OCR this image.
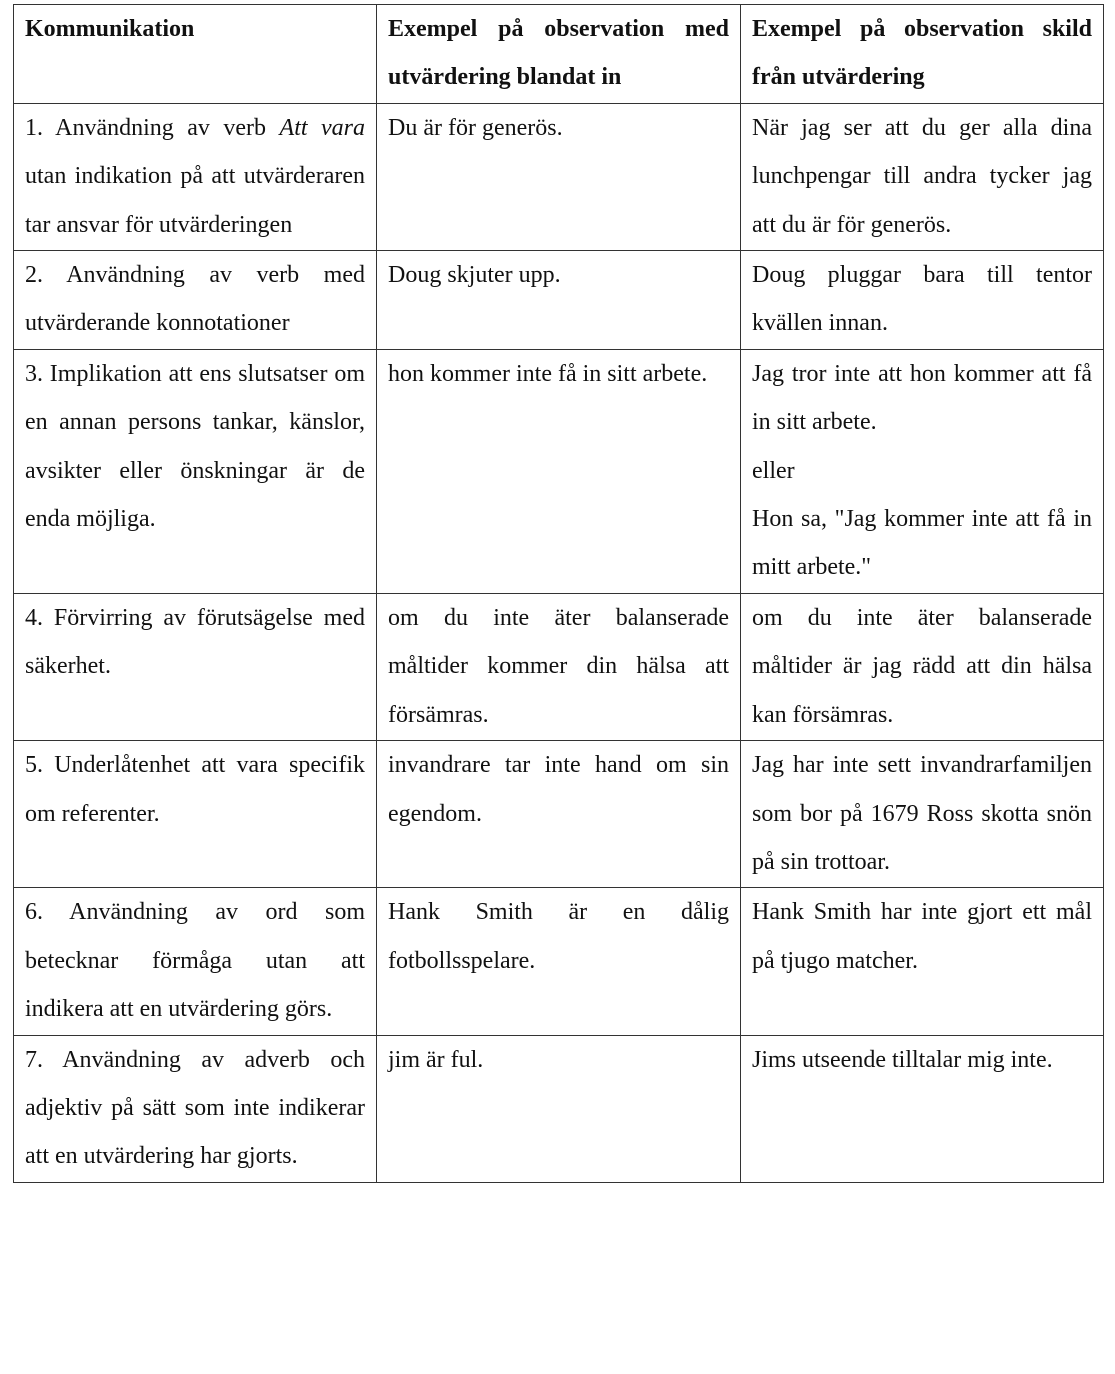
Kommunikation	Exempel på observation med utvärdering blandat in	Exempel på observation skild från utvärdering
1. Användning av verb Att vara utan indikation på att utvärderaren tar ansvar för utvärderingen	Du är för generös.	När jag ser att du ger alla dina lunchpengar till andra tycker jag att du är för generös.

2. Användning av verb med utvärderande konnotationer	Doug skjuter upp.	Doug pluggar bara till tentor kvällen innan.

3. Implikation att ens slutsatser om en annan persons tankar, känslor, avsikter eller önskningar är de enda möjliga.	hon kommer inte få in sitt arbete.	Jag tror inte att hon kommer att få in sitt arbete.
eller
Hon sa, "Jag kommer inte att få in mitt arbete."

4. Förvirring av förutsägelse med säkerhet.	om du inte äter balanserade måltider kommer din hälsa att försämras.	om du inte äter balanserade måltider är jag rädd att din hälsa kan försämras.

5. Underlåtenhet att vara specifik om referenter.	invandrare tar inte hand om sin egendom.	Jag har inte sett invandrarfamiljen som bor på 1679 Ross skotta snön på sin trottoar.

6. Användning av ord som betecknar förmåga utan att indikera att en utvärdering görs.	Hank Smith är en dålig fotbollsspelare.	Hank Smith har inte gjort ett mål på tjugo matcher.

7. Användning av adverb och adjektiv på sätt som inte indikerar att en utvärdering har gjorts.	jim är ful.	Jims utseende tilltalar mig inte.
